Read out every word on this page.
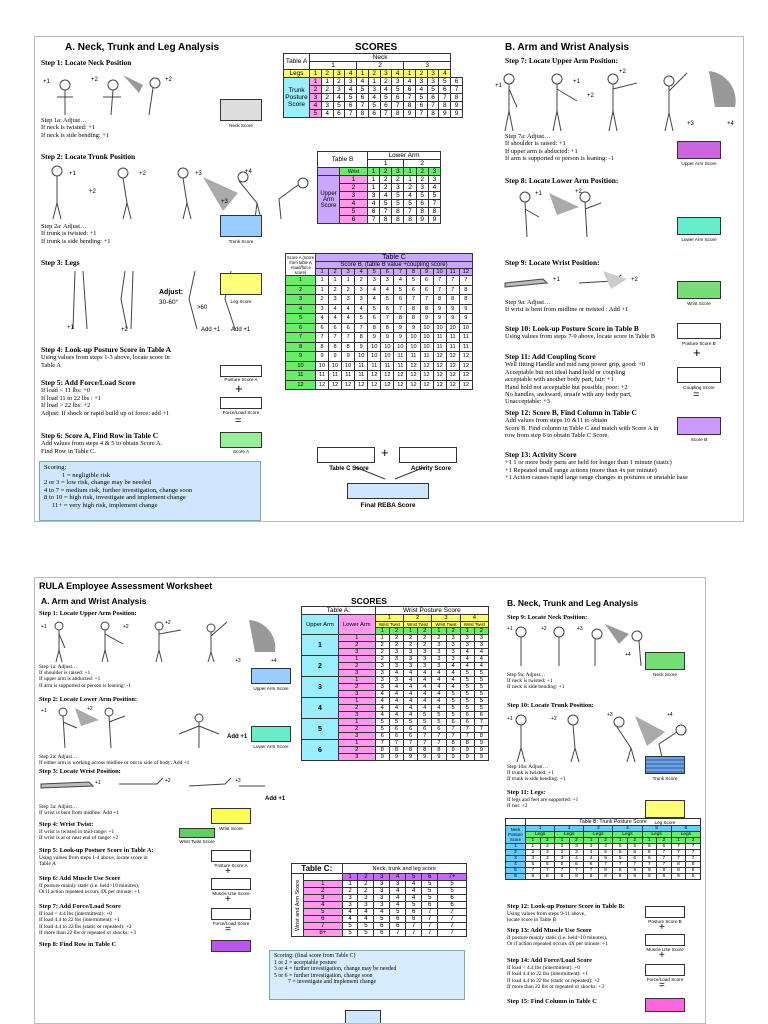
A. Neck, Trunk and Leg Analysis	SCORES	B. Arm and Wrist Analysis
Step 1: Locate Neck Position
+1	+2	+2
Step 1a: Adjust…
If neck is twisted: +1
If neck is side bending: +1
Neck Score
Step 2: Locate Trunk Position
+1
+2
+2	+3
+3
+4
Step 2a: Adjust…
If trunk is twisted: +1
If trunk is side bending: +1	Trunk Score
Step 3: Legs
+1	+2
>60
Add +1 Add +1
Adjust:
30-60°	Leg Score
Step 4: Look-up Posture Score in Table A
Using values from steps 1-3 above, locate score in
Table A
Step 5: Add Force/Load Score
If load < 11 lbs: +0
If load 11 to 22 lbs : +1
If load > 22 lbs: +2
Adjust: If shock or rapid build up of force: add +1
Posture Score A
+
Force/Load Score
=
Step 6: Score A, Find Row in Table C
Add values from steps 4 & 5 to obtain Score A.
Find Row in Table C.	Score A
Scoring:
1 = negligible risk
2 or 3 = low risk, change may be needed
4 to 7 = medium risk, further investigation, change soon
8 to 10 = high risk, investigate and implement change
11+ = very high risk, implement change
Table A	Neck												
	1				2				3				
Legs	1	2	3	4	1	2	3	4	1	2	3	4	
Trunk Posture Score	1	1	2	3	4	1	2	3	4	3	3	5	6
	2	2	3	4	5	3	4	5	6	4	5	6	7
	3	2	4	5	6	4	5	6	7	5	6	7	8
	4	3	5	6	7	5	6	7	8	6	7	8	9
	5	4	6	7	8	6	7	8	9	7	8	9	9
Table B		Lower Arm					
		1			2		
	Wrist	1	2	3	1	2	3
Upper Arm Score	1	1	2	2	1	2	3
	2	1	2	3	2	3	4
	3	3	4	5	4	5	5
	4	4	5	5	5	6	7
	5	6	7	8	7	8	8
	6	7	8	8	8	9	9
Score A (score from table A +load/force score)	Table C											
	Score B, (table B value +coupling score)											
	1	2	3	4	5	6	7	8	9	10	11	12
1	1	1	1	2	3	3	4	5	6	7	7	7
2	1	2	2	3	4	4	5	6	6	7	7	8
3	2	3	3	3	4	5	6	7	7	8	8	8
4	3	4	4	4	5	6	7	8	8	9	9	9
5	4	4	4	5	6	7	8	8	9	9	9	9
6	6	6	6	7	8	8	9	9	10	10	10	10
7	7	7	7	8	9	9	9	10	10	11	11	11
8	8	8	8	9	10	10	10	10	10	11	11	11
9	9	9	9	10	10	10	11	11	11	12	12	12
10	10	10	10	11	11	11	11	12	12	12	12	12
11	11	11	11	11	12	12	12	12	12	12	12	12
12	12	12	12	12	12	12	12	12	12	12	12	12
+
Table C Score	Activity Score
Final REBA Score
Step 7: Locate Upper Arm Position:
+1
+1
+2
+2
+3	+4
Step 7a: Adjust…
If shoulder is raised: +1
If upper arm is abducted: +1
If arm is supported or person is leaning: -1
Upper Arm Score
Step 8: Locate Lower Arm Position:
+1	+2
Lower Arm Score
Step 9: Locate Wrist Position:
+1	+2
Step 9a: Adjust…
If wrist is bent from midline or twisted : Add +1
Wrist Score
Step 10: Look-up Posture Score in Table B
Using values from steps 7-9 above, locate score in Table B
Posture Score B
+
Step 11: Add Coupling Score
Well fitting Handle and mid rang power grip, good: +0
Acceptable but not ideal hand hold or coupling
acceptable with another body part, fair: +1
Hand hold not acceptable but possible, poor: +2
No handles, awkward, unsafe with any body part,
Unacceptable: +3
Coupling Score
=
Step 12: Score B, Find Column in Table C
Add values from steps 10 &11 to obtain
Score B. Find column in Table C and match with Score A in
row from step 6 to obtain Table C Score.
Score B
Step 13: Activity Score
+1 1 or more body parts are held for longer than 1 minute (static)
+1 Repeated small range actions (more than 4x per minute)
+1 Action causes rapid large range changes in postures or unstable base
RULA Employee Assessment Worksheet
A. Arm and Wrist Analysis	SCORES	B. Neck, Trunk and Leg Analysis
Step 1: Locate Upper Arm Position:
+1	+2
+2
+3	+4
Step 1a: Adjust…
If shoulder is raised: +1
If upper arm is abducted: +1
If arm is supported or person is leaning: -1	Upper Arm Score
Step 2: Locate Lower Arm Position:
+1	+2
Add +1
Step 2a: Adjust…
If either arm is working across midline or out to side of body: Add +1
Lower Arm Score
Step 3: Locate Wrist Position:
+1	+2	+3
Add +1
Step 3a: Adjust…
If wrist is bent from midline: Add +1
Wrist Score
Step 4: Wrist Twist:
If wrist is twisted in mid-range: +1
If wrist is at or near end of range: +2
Wrist Twist Score
Step 5: Look-up Posture Score in Table A:
Using values from steps 1-4 above, locate score in
Table A	Posture Score A
+
Step 6: Add Muscle Use Score
If posture mainly static (i.e. held>10 minutes),
Or if action repeated occurs 4X per minute: +1	Muscle Use Score
+
Step 7: Add Force/Load Score
If load < 4.4 lbs (intermittent): +0
If load 4.4 to 22 lbs (intermittent): +1
If load 4.4 to 22 lbs (static or repeated): +2
If more than 22 lbs or repeated or shocks: +3
Force/Load Score
=
Step 8: Find Row in Table C
Table A:		Wrist Posture Score							
Upper Arm	Lower Arm	1		2		3		4	
		Wrist Twist		Wrist Twist		Wrist Twist		Wrist Twist	
		1	2	1	2	1	2	1	2
1	1	1	2	2	2	2	3	3	3
	2	2	2	2	2	3	3	3	3
	3	2	3	3	3	3	3	4	4
2	1	2	3	3	3	3	3	4	4
	2	3	3	3	3	3	4	4	4
	3	3	4	4	4	4	4	5	5
3	1	3	3	4	4	4	4	5	5
	2	3	4	4	4	4	4	5	5
	3	4	4	4	4	4	5	5	5
4	1	4	4	4	4	4	5	5	5
	2	4	4	4	4	4	5	5	5
	3	4	4	4	5	5	5	6	6
5	1	5	5	5	5	5	6	6	7
	2	5	6	6	6	6	7	7	7
	3	6	6	6	7	7	7	7	8
6	1	7	7	7	7	7	8	8	9
	2	8	8	8	8	8	9	9	9
	3	9	9	9	9	9	9	9	9
Table C:		Neck, trunk and leg score						
Wrist and Arm Score		1	2	3	4	5	6	7+
	1	1	2	3	3	4	5	5
	2	2	2	3	4	4	5	5
	3	3	3	3	4	4	5	6
	4	3	3	3	4	5	6	6
	5	4	4	4	5	6	7	7
	6	4	4	5	6	6	7	7
	7	5	5	6	6	7	7	7
	8+	5	5	6	7	7	7	7
Scoring: (final score from Table C)
1 or 2 = acceptable posture
3 or 4 = further investigation, change may be needed
5 or 6 = further investigation, change soon
7 = investigate and implement change
Step 9: Locate Neck Position:
+1	+2	+3
+4
Step 9a: Adjust…
If neck is twisted: +1
If neck is side bending: +1
Neck Score
Step 10: Locate Trunk Position:
+1	+2
+3	+4
Step 10a: Adjust…
If trunk is twisted: +1
If trunk is side bending: +1	Trunk Score
Step 11: Legs:
If legs and feet are supported: +1
If not: +2
Leg Score
	Table B: Trunk Posture Score											
Neck Posture Score	1		2		3		4		5		6	
	Legs		Legs		Legs		Legs		Legs		Legs	
	1	2	1	2	1	2	1	2	1	2	1	2
1	1	3	2	3	3	4	5	5	6	6	7	7
2	2	3	2	3	4	5	5	5	6	7	7	7
3	3	3	3	4	4	5	5	6	6	7	7	7
4	5	5	5	6	6	7	7	7	7	7	8	8
5	7	7	7	7	7	8	8	8	8	8	8	8
6	8	8	8	8	8	8	8	9	9	9	9	9
Step 12: Look-up Posture Score in Table B:
Using values from steps 9-11 above,
locate score in Table B	Posture Score B
+
Step 13: Add Muscle Use Score
If posture mainly static (i.e. held>10 minutes),
Or if action repeated occurs 4X per minute: +1
Muscle Use Score
+
Step 14: Add Force/Load Score
If load < 4.4 lbs (intermittent): +0
If load 4.4 to 22 lbs (intermittent): +1
If load 4.4 to 22 lbs (static or repeated): +2
If more than 22 lbs or repeated or shocks: +3
Force/Load Score
=
Step 15: Find Column in Table C
